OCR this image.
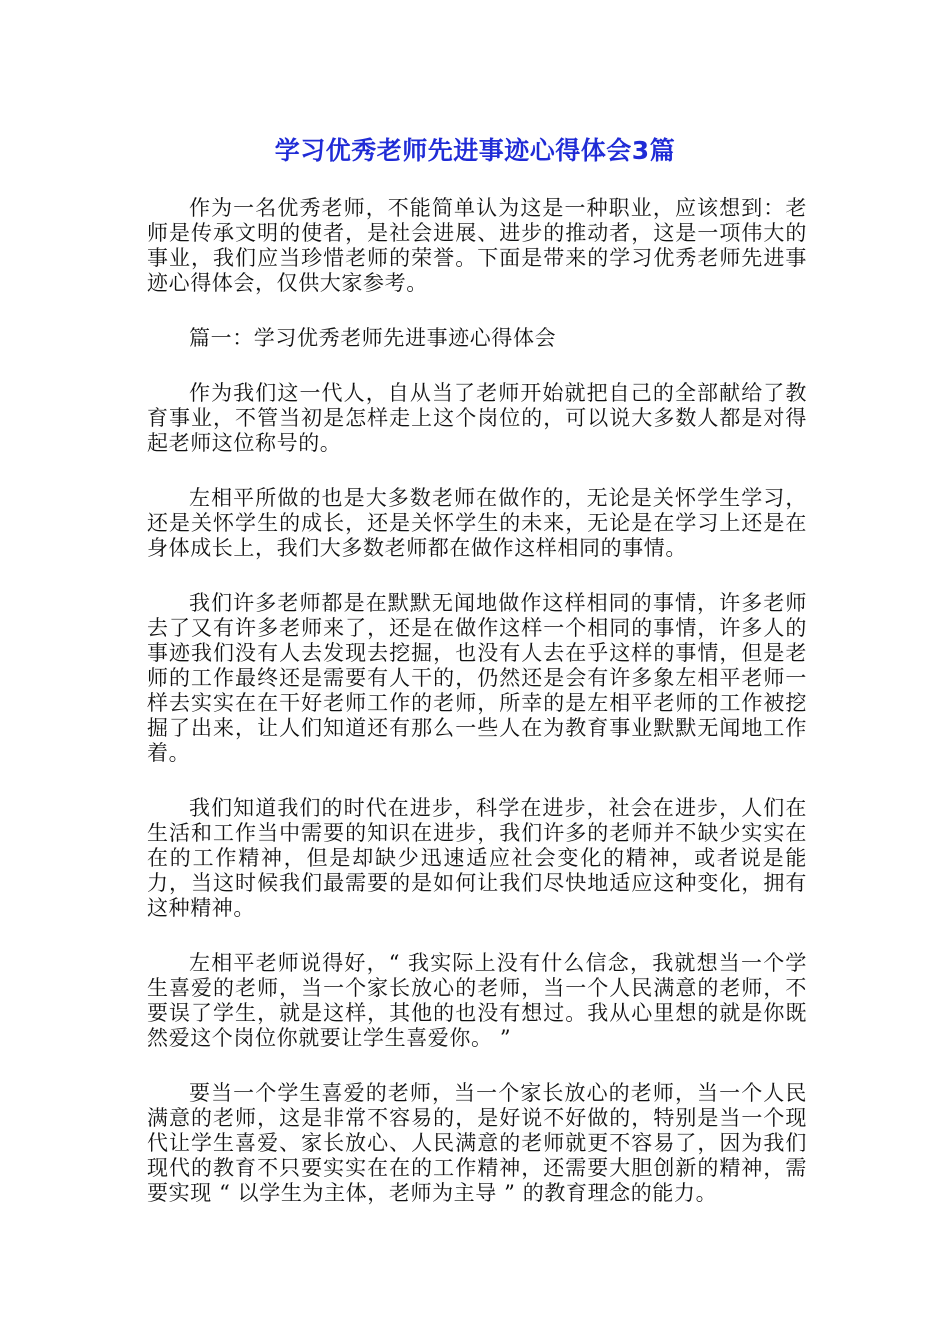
学习优秀老师先进事迹心得体会3篇

作为一名优秀老师，不能简单认为这是一种职业，应该想到：老师是传承文明的使者，是社会进展、进步的推动者，这是一项伟大的事业，我们应当珍惜老师的荣誉。下面是带来的学习优秀老师先进事迹心得体会，仅供大家参考。

篇一：学习优秀老师先进事迹心得体会

作为我们这一代人，自从当了老师开始就把自己的全部献给了教育事业，不管当初是怎样走上这个岗位的，可以说大多数人都是对得起老师这位称号的。

左相平所做的也是大多数老师在做作的，无论是关怀学生学习，还是关怀学生的成长，还是关怀学生的未来，无论是在学习上还是在身体成长上，我们大多数老师都在做作这样相同的事情。

我们许多老师都是在默默无闻地做作这样相同的事情，许多老师去了又有许多老师来了，还是在做作这样一个相同的事情，许多人的事迹我们没有人去发现去挖掘，也没有人去在乎这样的事情，但是老师的工作最终还是需要有人干的，仍然还是会有许多象左相平老师一样去实实在在干好老师工作的老师，所幸的是左相平老师的工作被挖掘了出来，让人们知道还有那么一些人在为教育事业默默无闻地工作着。

我们知道我们的时代在进步，科学在进步，社会在进步，人们在生活和工作当中需要的知识在进步，我们许多的老师并不缺少实实在在的工作精神，但是却缺少迅速适应社会变化的精神，或者说是能力，当这时候我们最需要的是如何让我们尽快地适应这种变化，拥有这种精神。

左相平老师说得好，“ 我实际上没有什么信念，我就想当一个学生喜爱的老师，当一个家长放心的老师，当一个人民满意的老师，不要误了学生，就是这样，其他的也没有想过。我从心里想的就是你既然爱这个岗位你就要让学生喜爱你。 ”

要当一个学生喜爱的老师，当一个家长放心的老师，当一个人民满意的老师，这是非常不容易的，是好说不好做的，特别是当一个现代让学生喜爱、家长放心、人民满意的老师就更不容易了，因为我们现代的教育不只要实实在在的工作精神，还需要大胆创新的精神，需要实现 “ 以学生为主体，老师为主导 ” 的教育理念的能力。
